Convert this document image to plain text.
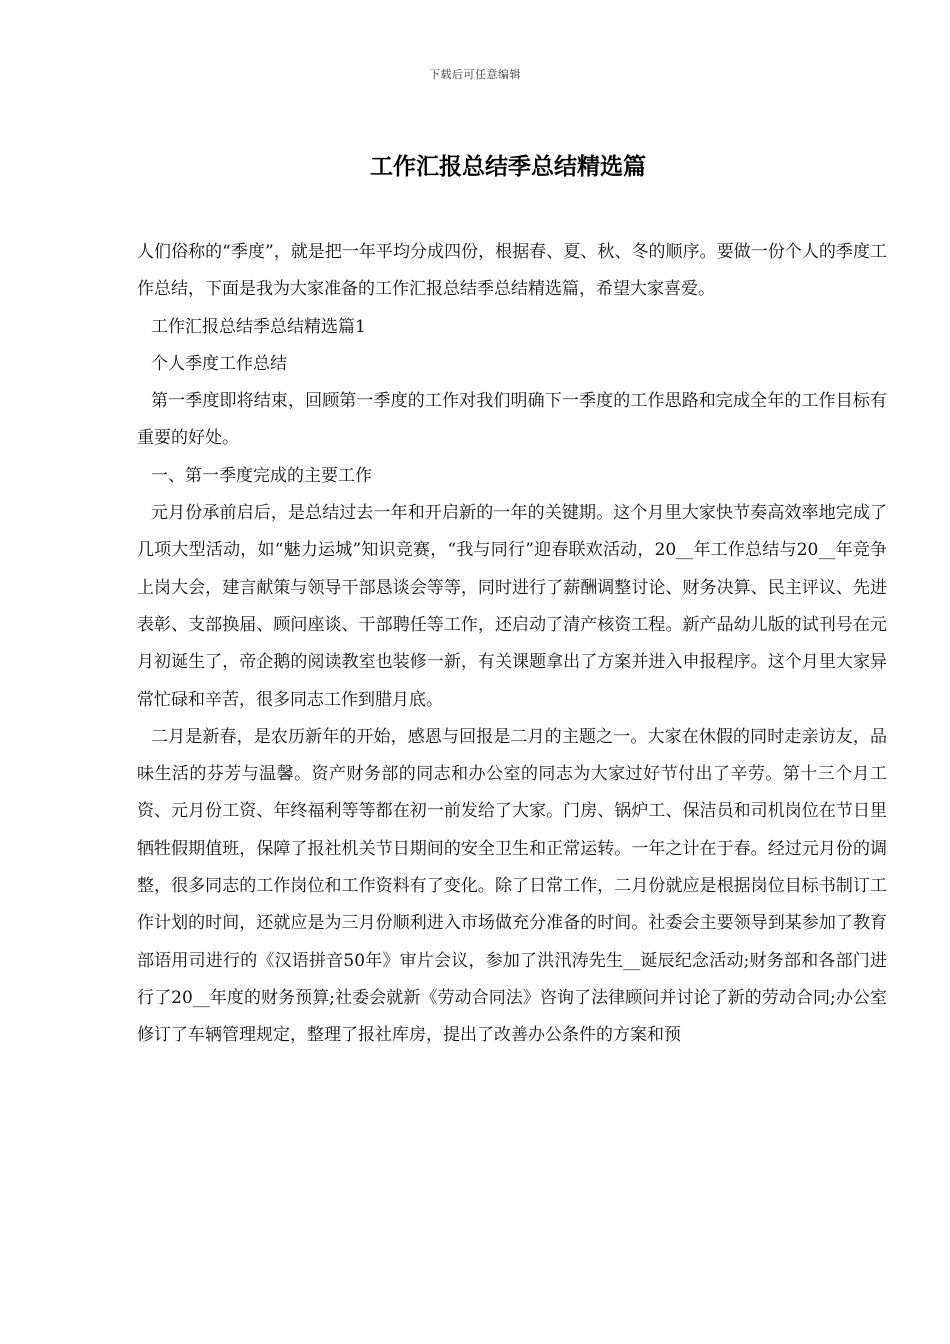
下载后可任意编辑
工作汇报总结季总结精选篇

人们俗称的“季度”，就是把一年平均分成四份，根据春、夏、秋、冬的顺序。要做一份个人的季度工作总结，下面是我为大家准备的工作汇报总结季总结精选篇，希望大家喜爱。

工作汇报总结季总结精选篇1

个人季度工作总结

第一季度即将结束，回顾第一季度的工作对我们明确下一季度的工作思路和完成全年的工作目标有重要的好处。

一、第一季度完成的主要工作

元月份承前启后，是总结过去一年和开启新的一年的关键期。这个月里大家快节奏高效率地完成了几项大型活动，如“魅力运城”知识竞赛，“我与同行”迎春联欢活动，20__年工作总结与20__年竞争上岗大会，建言献策与领导干部恳谈会等等，同时进行了薪酬调整讨论、财务决算、民主评议、先进表彰、支部换届、顾问座谈、干部聘任等工作，还启动了清产核资工程。新产品幼儿版的试刊号在元月初诞生了，帝企鹅的阅读教室也装修一新，有关课题拿出了方案并进入申报程序。这个月里大家异常忙碌和辛苦，很多同志工作到腊月底。

二月是新春，是农历新年的开始，感恩与回报是二月的主题之一。大家在休假的同时走亲访友，品味生活的芬芳与温馨。资产财务部的同志和办公室的同志为大家过好节付出了辛劳。第十三个月工资、元月份工资、年终福利等等都在初一前发给了大家。门房、锅炉工、保洁员和司机岗位在节日里牺牲假期值班，保障了报社机关节日期间的安全卫生和正常运转。一年之计在于春。经过元月份的调整，很多同志的工作岗位和工作资料有了变化。除了日常工作，二月份就应是根据岗位目标书制订工作计划的时间，还就应是为三月份顺利进入市场做充分准备的时间。社委会主要领导到某参加了教育部语用司进行的《汉语拼音50年》审片会议，参加了洪汛涛先生__诞辰纪念活动;财务部和各部门进行了20__年度的财务预算;社委会就新《劳动合同法》咨询了法律顾问并讨论了新的劳动合同;办公室修订了车辆管理规定，整理了报社库房，提出了改善办公条件的方案和预
